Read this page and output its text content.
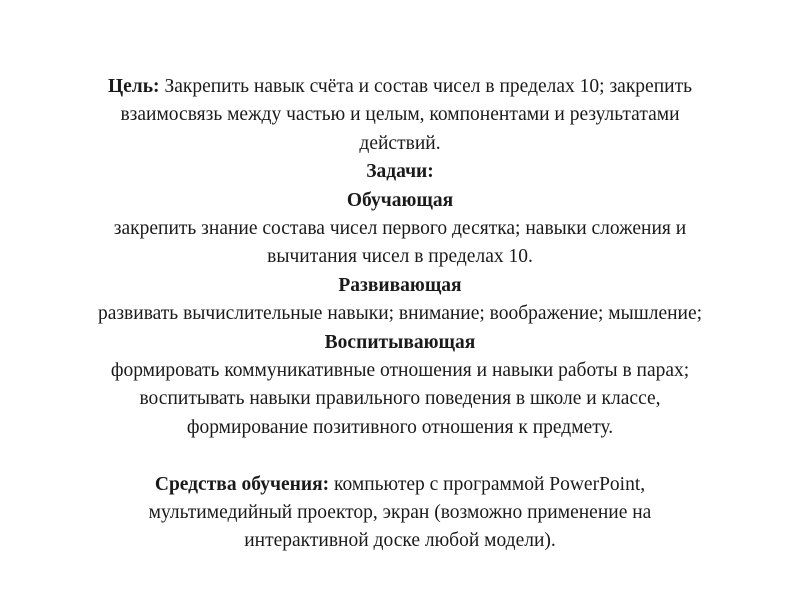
Цель: Закрепить навык счёта и состав чисел в пределах 10; закрепить
взаимосвязь между частью и целым, компонентами и результатами
действий.
Задачи:
Обучающая
закрепить знание состава чисел первого десятка; навыки сложения и
вычитания чисел в пределах 10.
Развивающая
развивать вычислительные навыки; внимание; воображение; мышление;
Воспитывающая
формировать коммуникативные отношения и навыки работы в парах;
воспитывать навыки правильного поведения в школе и классе,
формирование позитивного отношения к предмету.
Средства обучения: компьютер с программой PowerPoint,
мультимедийный проектор, экран (возможно применение на
интерактивной доске любой модели).
